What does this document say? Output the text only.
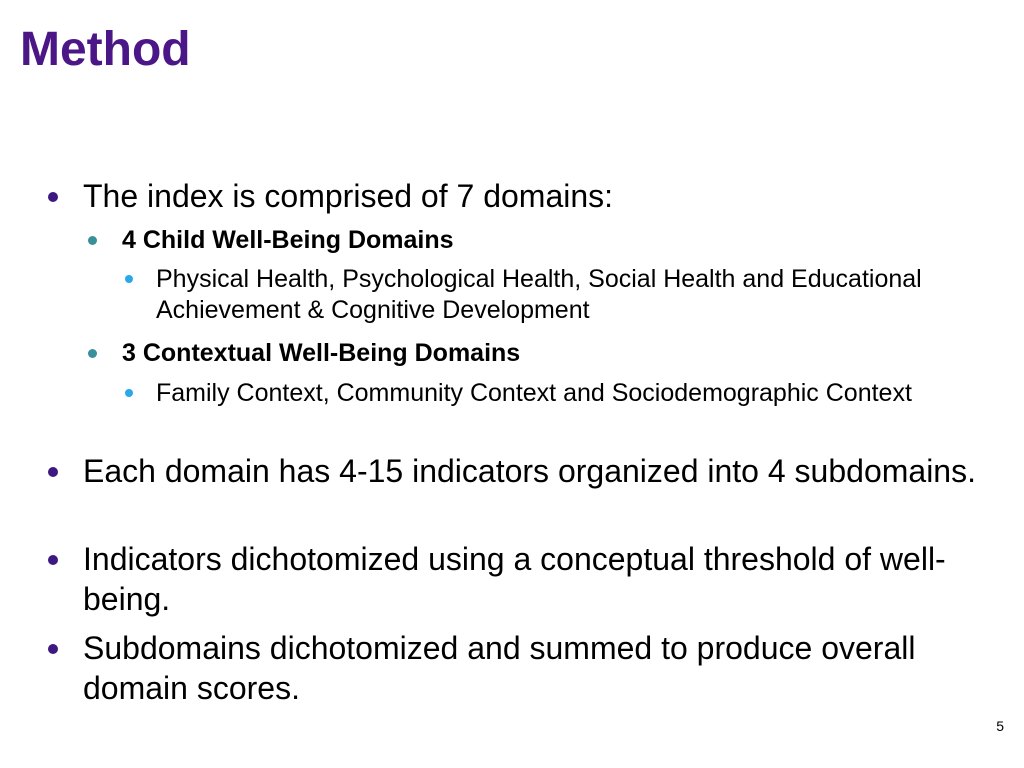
Method
The index is comprised of 7 domains:
4 Child Well-Being Domains
Physical Health, Psychological Health, Social Health and Educational Achievement & Cognitive Development
3 Contextual Well-Being Domains
Family Context, Community Context and Sociodemographic Context
Each domain has 4-15 indicators organized into 4 subdomains.
Indicators dichotomized using a conceptual threshold of well-being.
Subdomains dichotomized and summed to produce overall domain scores.
5
